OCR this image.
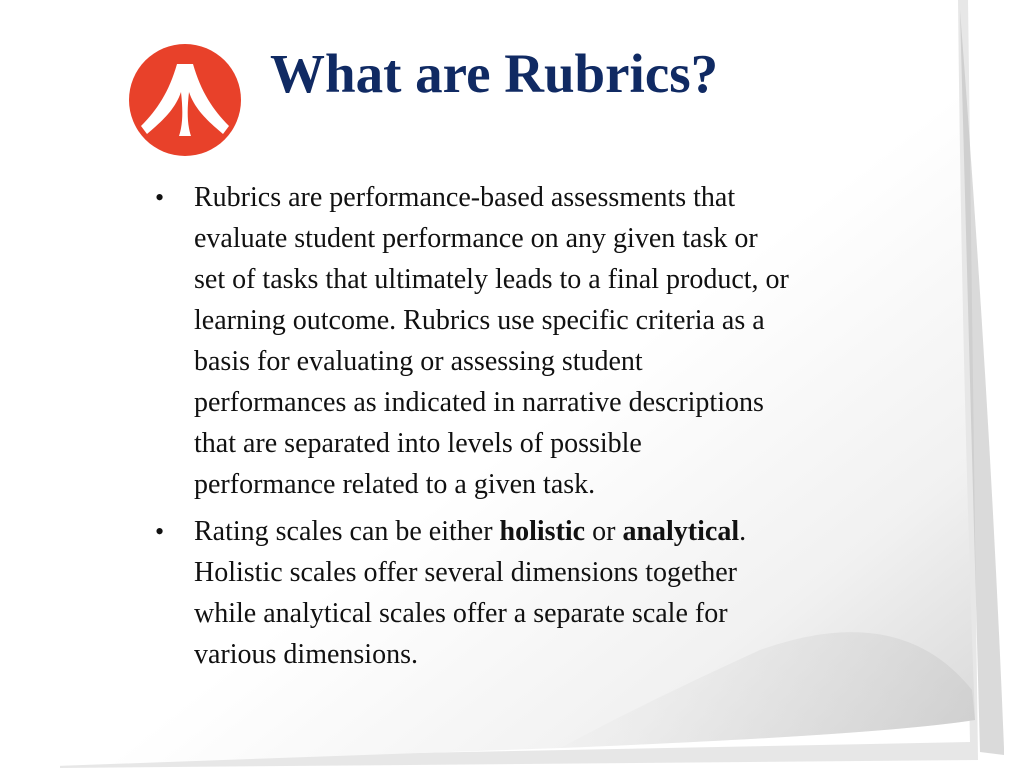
What are Rubrics?
• Rubrics are performance-based assessments that
evaluate student performance on any given task or
set of tasks that ultimately leads to a final product, or
learning outcome. Rubrics use specific criteria as a
basis for evaluating or assessing student
performances as indicated in narrative descriptions
that are separated into levels of possible
performance related to a given task.
• Rating scales can be either holistic or analytical.
Holistic scales offer several dimensions together
while analytical scales offer a separate scale for
various dimensions.
